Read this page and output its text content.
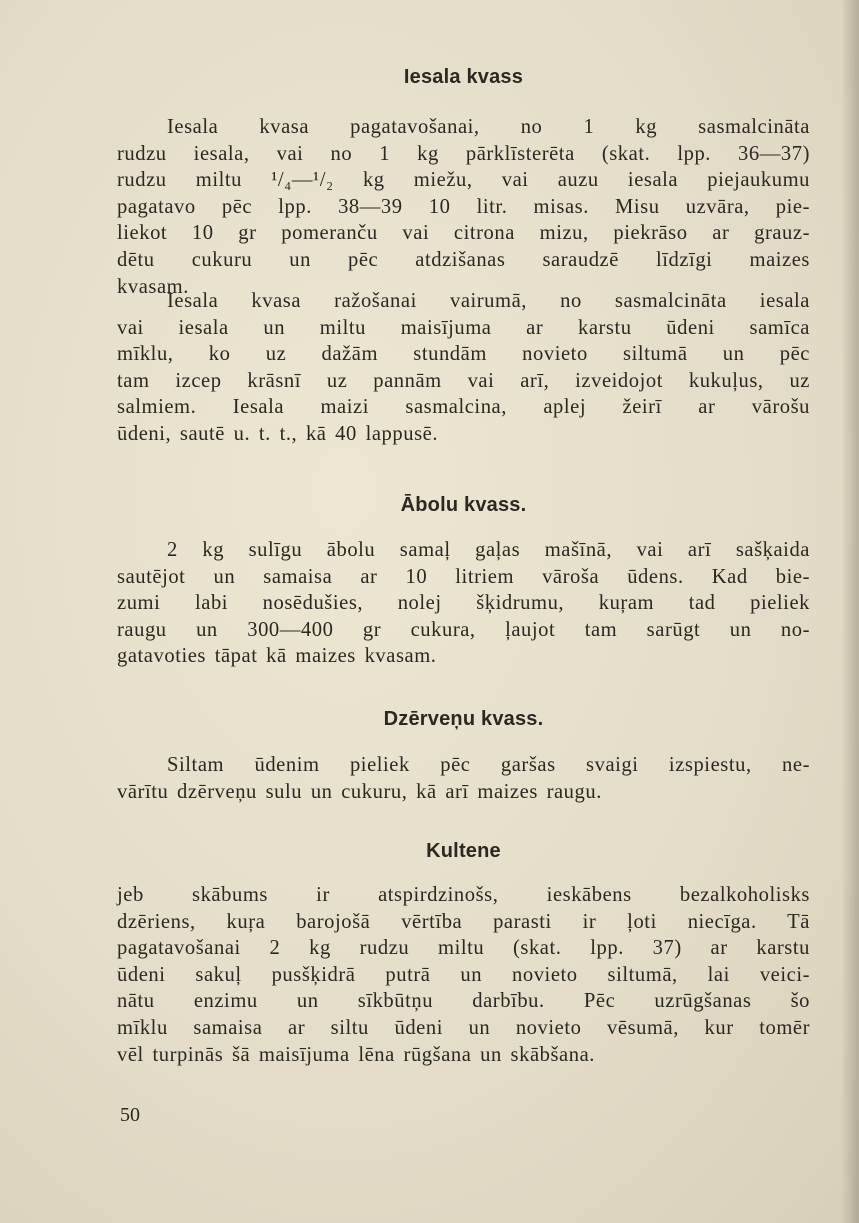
Iesala kvass
Iesala kvasa pagatavošanai, no 1 kg sasmalcināta
rudzu iesala, vai no 1 kg pārklīsterēta (skat. lpp. 36—37)
rudzu miltu ¹/₄—¹/₂ kg miežu, vai auzu iesala piejaukumu
pagatavo pēc lpp. 38—39 10 litr. misas. Misu uzvāra, pie-
liekot 10 gr pomeranču vai citrona mizu, piekrāso ar grauz-
dētu cukuru un pēc atdzišanas saraudzē līdzīgi maizes
kvasam.
Iesala kvasa ražošanai vairumā, no sasmalcināta iesala
vai iesala un miltu maisījuma ar karstu ūdeni samīca
mīklu, ko uz dažām stundām novieto siltumā un pēc
tam izcep krāsnī uz pannām vai arī, izveidojot kukuļus, uz
salmiem. Iesala maizi sasmalcina, aplej žeirī ar vārošu
ūdeni, sautē u. t. t., kā 40 lappusē.
Ābolu kvass.
2 kg sulīgu ābolu samaļ gaļas mašīnā, vai arī sašķaida
sautējot un samaisa ar 10 litriem vāroša ūdens. Kad bie-
zumi labi nosēdušies, nolej šķidrumu, kuŗam tad pieliek
raugu un 300—400 gr cukura, ļaujot tam sarūgt un no-
gatavoties tāpat kā maizes kvasam.
Dzērveņu kvass.
Siltam ūdenim pieliek pēc garšas svaigi izspiestu, ne-
vārītu dzērveņu sulu un cukuru, kā arī maizes raugu.
Kultene
jeb skābums ir atspirdzinošs, ieskābens bezalkoholisks
dzēriens, kuŗa barojošā vērtība parasti ir ļoti niecīga. Tā
pagatavošanai 2 kg rudzu miltu (skat. lpp. 37) ar karstu
ūdeni sakuļ pusšķidrā putrā un novieto siltumā, lai veici-
nātu enzimu un sīkbūtņu darbību. Pēc uzrūgšanas šo
mīklu samaisa ar siltu ūdeni un novieto vēsumā, kur tomēr
vēl turpinās šā maisījuma lēna rūgšana un skābšana.

50
